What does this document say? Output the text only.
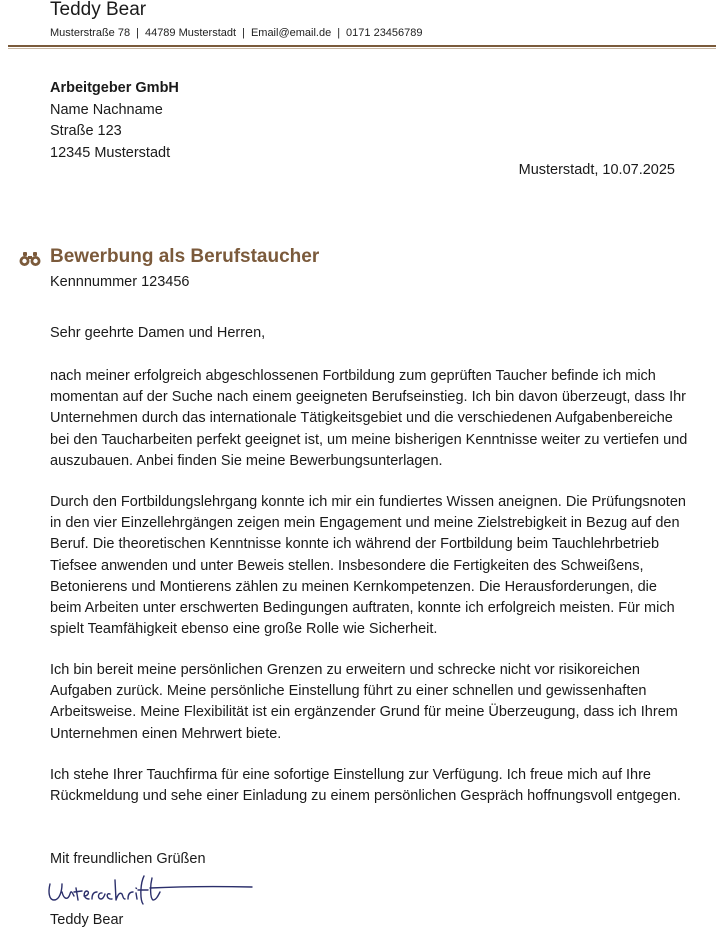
Teddy Bear
Musterstraße 78 | 44789 Musterstadt | Email@email.de | 0171 23456789
Arbeitgeber GmbH
Name Nachname
Straße 123
12345 Musterstadt
Musterstadt, 10.07.2025
Bewerbung als Berufstaucher
Kennnummer 123456
Sehr geehrte Damen und Herren,
nach meiner erfolgreich abgeschlossenen Fortbildung zum geprüften Taucher befinde ich mich momentan auf der Suche nach einem geeigneten Berufseinstieg. Ich bin davon überzeugt, dass Ihr Unternehmen durch das internationale Tätigkeitsgebiet und die verschiedenen Aufgabenbereiche bei den Taucharbeiten perfekt geeignet ist, um meine bisherigen Kenntnisse weiter zu vertiefen und auszubauen. Anbei finden Sie meine Bewerbungsunterlagen.
Durch den Fortbildungslehrgang konnte ich mir ein fundiertes Wissen aneignen. Die Prüfungsnoten in den vier Einzellehrgängen zeigen mein Engagement und meine Zielstrebigkeit in Bezug auf den Beruf. Die theoretischen Kenntnisse konnte ich während der Fortbildung beim Tauchlehrbetrieb Tiefsee anwenden und unter Beweis stellen. Insbesondere die Fertigkeiten des Schweißens, Betonierens und Montierens zählen zu meinen Kernkompetenzen. Die Herausforderungen, die beim Arbeiten unter erschwerten Bedingungen auftraten, konnte ich erfolgreich meisten. Für mich spielt Teamfähigkeit ebenso eine große Rolle wie Sicherheit.
Ich bin bereit meine persönlichen Grenzen zu erweitern und schrecke nicht vor risikoreichen Aufgaben zurück. Meine persönliche Einstellung führt zu einer schnellen und gewissenhaften Arbeitsweise. Meine Flexibilität ist ein ergänzender Grund für meine Überzeugung, dass ich Ihrem Unternehmen einen Mehrwert biete.
Ich stehe Ihrer Tauchfirma für eine sofortige Einstellung zur Verfügung. Ich freue mich auf Ihre Rückmeldung und sehe einer Einladung zu einem persönlichen Gespräch hoffnungsvoll entgegen.
Mit freundlichen Grüßen
Teddy Bear
